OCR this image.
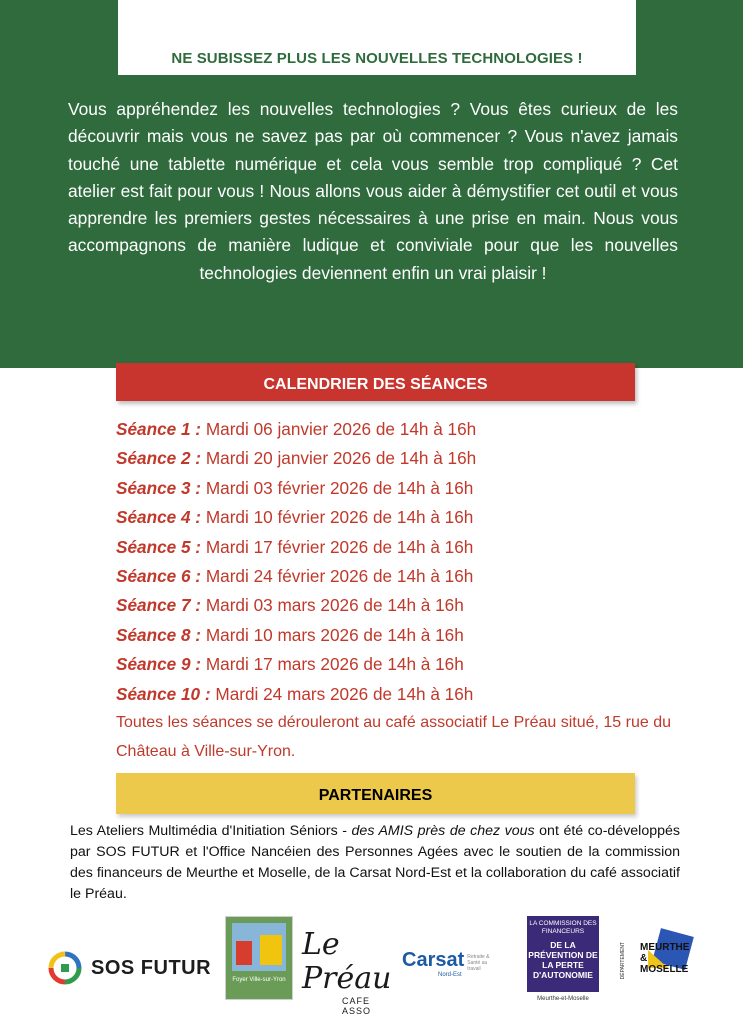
NE SUBISSEZ PLUS LES NOUVELLES TECHNOLOGIES !
Vous appréhendez les nouvelles technologies ? Vous êtes curieux de les découvrir mais vous ne savez pas par où commencer ? Vous n'avez jamais touché une tablette numérique et cela vous semble trop compliqué ? Cet atelier est fait pour vous ! Nous allons vous aider à démystifier cet outil et vous apprendre les premiers gestes nécessaires à une prise en main. Nous vous accompagnons de manière ludique et conviviale pour que les nouvelles technologies deviennent enfin un vrai plaisir !
CALENDRIER DES SÉANCES
Séance 1 : Mardi 06 janvier 2026 de 14h à 16h
Séance 2 : Mardi 20 janvier 2026 de 14h à 16h
Séance 3 : Mardi 03 février 2026 de 14h à 16h
Séance 4 : Mardi 10 février 2026 de 14h à 16h
Séance 5 : Mardi 17 février 2026 de 14h à 16h
Séance 6 : Mardi 24 février 2026 de 14h à 16h
Séance 7 : Mardi 03 mars 2026 de 14h à 16h
Séance 8 : Mardi 10 mars 2026 de 14h à 16h
Séance 9 : Mardi 17 mars 2026 de 14h à 16h
Séance 10 : Mardi 24 mars 2026 de 14h à 16h
Toutes les séances se dérouleront au café associatif Le Préau situé, 15 rue du Château à Ville-sur-Yron.
PARTENAIRES
Les Ateliers Multimédia d'Initiation Séniors - des AMIS près de chez vous ont été co-développés par SOS FUTUR et l'Office Nancéien des Personnes Agées avec le soutien de la commission des financeurs de Meurthe et Moselle, de la Carsat Nord-Est et la collaboration du café associatif le Préau.
SOS FUTUR
Foyer Ville-sur-Yron
Le Préau
CAFE ASSO
Carsat
Nord-Est
Retraite & Santé au travail
LA COMMISSION DES FINANCEURS
DE LA PRÉVENTION DE LA PERTE D'AUTONOMIE
Meurthe-et-Moselle
MEURTHE & MOSELLE
DÉPARTEMENT
